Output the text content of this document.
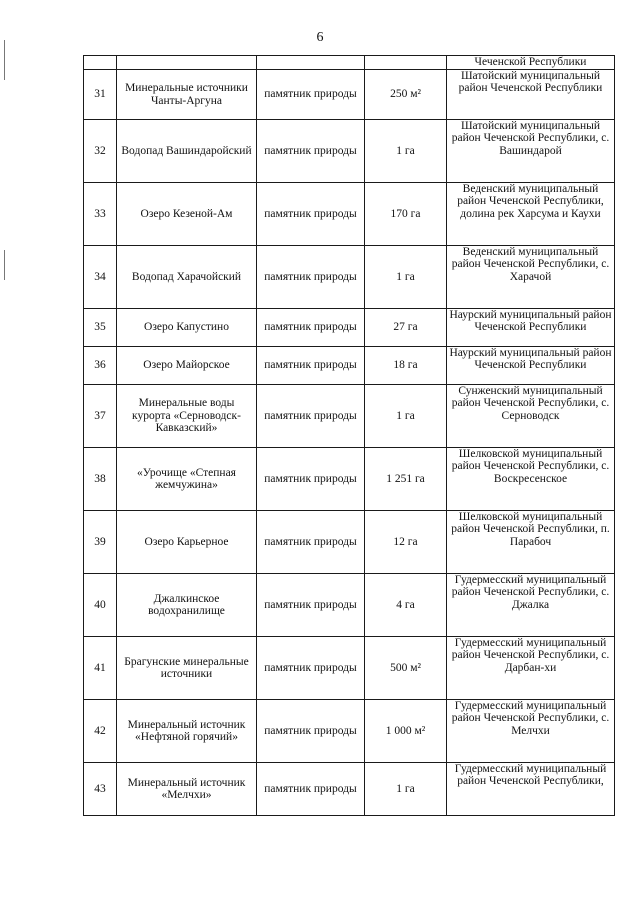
6
				Чеченской Республики
31	Минеральные источники Чанты-Аргуна	памятник природы	250 м²	Шатойский муниципальный район Чеченской Республики
32	Водопад Вашиндаройский	памятник природы	1 га	Шатойский муниципальный район Чеченской Республики, с. Вашиндарой
33	Озеро Кезеной-Ам	памятник природы	170 га	Веденский муниципальный район Чеченской Республики, долина рек Харсума и Каухи
34	Водопад Харачойский	памятник природы	1 га	Веденский муниципальный район Чеченской Республики, с. Харачой
35	Озеро Капустино	памятник природы	27 га	Наурский муниципальный район Чеченской Республики
36	Озеро Майорское	памятник природы	18 га	Наурский муниципальный район Чеченской Республики
37	Минеральные воды курорта «Серноводск-Кавказский»	памятник природы	1 га	Сунженский муниципальный район Чеченской Республики, с. Серноводск
38	«Урочище «Степная жемчужина»	памятник природы	1 251 га	Шелковской муниципальный район Чеченской Республики, с. Воскресенское
39	Озеро Карьерное	памятник природы	12 га	Шелковской муниципальный район Чеченской Республики, п. Парабоч
40	Джалкинское водохранилище	памятник природы	4 га	Гудермесский муниципальный район Чеченской Республики, с. Джалка
41	Брагунские минеральные источники	памятник природы	500 м²	Гудермесский муниципальный район Чеченской Республики, с. Дарбан-хи
42	Минеральный источник «Нефтяной горячий»	памятник природы	1 000 м²	Гудермесский муниципальный район Чеченской Республики, с. Мелчхи
43	Минеральный источник «Мелчхи»	памятник природы	1 га	Гудермесский муниципальный район Чеченской Республики,
